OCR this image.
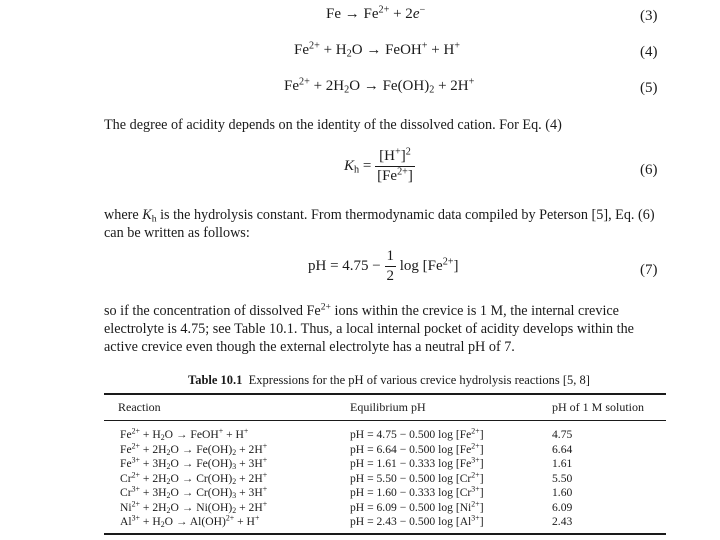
$Fe \to Fe^{2+} + 2e^-$	(3)
$Fe^{2+} + H_2O$ → FeOH+ + H+	(4)
$Fe^{2+} + 2H_2O \to Fe(OH)_2 + 2H^+$	(5)
The degree of acidity depends on the identity of the dissolved cation. For Eq. (4)
$K_h = \frac{[H^+]^2}{[Fe^{2+}]}$	(6)
where $K_h$ is the hydrolysis constant. From thermodynamic data compiled by Peterson [5], Eq. (6) can be written as follows:
pH = $4.75 - \frac{1}{2}$ $\log [Fe^{2+}]$	(7)
so if the concentration of dissolved $Fe^{2+}$ ions within the crevice is 1 M, the internal crevice electrolyte is 4.75; see Table 10.1. Thus, a local internal pocket of acidity develops within the active crevice even though the external electrolyte has a neutral pH of 7.
Table 10.1 Expressions for the pH of various crevice hydrolysis reactions [5, 8]
Reaction	Equilibrium pH	pH of 1 M solution
$Fe^{2+} + H_2O$ → FeOH+ + H+	pH = 4.75 − 0.500 $\log [Fe^{2+}]$	4.75
$Fe^{2+} + 2H_2O \to Fe(OH)_2 + 2H^+$	pH = 6.64 − 0.500 $\log [Fe^{2+}]$	6.64
$Fe^{3+} + 3H_2O \to Fe(OH)_3 + 3H^+$	pH = 1.61 − 0.333 $\log [Fe^{3+}]$	1.61
$Cr^{2+} + 2H_2O \to Cr(OH)_2 + 2H^+$	pH = 5.50 − 0.500 $\log [Cr^{2+}]$	5.50
$Cr^{3+} + 3H_2O \to Cr(OH)_3 + 3H^+$	pH = 1.60 − 0.333 $\log [Cr^{3+}]$	1.60
$Ni^{2+} + 2H_2O \to Ni(OH)_2 + 2H^+$	pH = 6.09 − 0.500 $\log [Ni^{2+}]$	6.09
$Al^{3+} + H_2O \to Al(OH)^{2+} + H^+$	pH = 2.43 − 0.500 $\log [Al^{3+}]$	2.43
